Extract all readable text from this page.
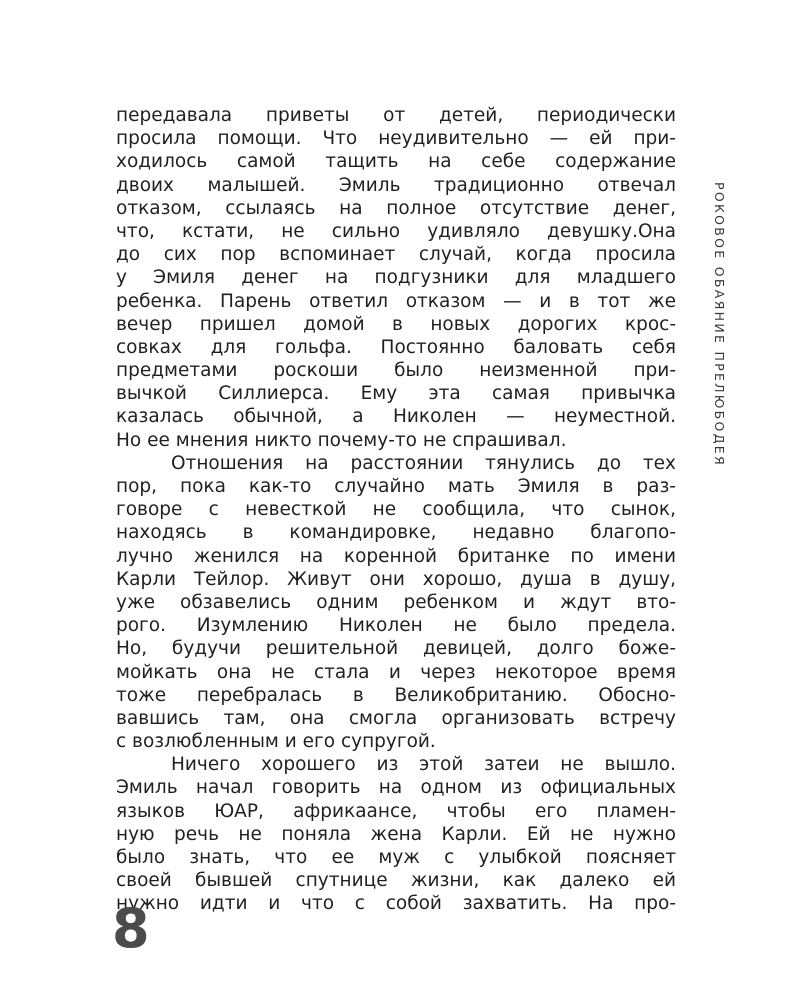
передавала приветы от детей, периодически
просила помощи. Что неудивительно — ей при-
ходилось самой тащить на себе содержание
двоих малышей. Эмиль традиционно отвечал
отказом, ссылаясь на полное отсутствие денег,
что, кстати, не сильно удивляло девушку.Она
до сих пор вспоминает случай, когда просила
у Эмиля денег на подгузники для младшего
ребенка. Парень ответил отказом — и в тот же
вечер пришел домой в новых дорогих крос-
совках для гольфа. Постоянно баловать себя
предметами роскоши было неизменной при-
вычкой Силлиерса. Ему эта самая привычка
казалась обычной, а Николен — неуместной.
Но ее мнения никто почему-то не спрашивал.
Отношения на расстоянии тянулись до тех
пор, пока как-то случайно мать Эмиля в раз-
говоре с невесткой не сообщила, что сынок,
находясь в командировке, недавно благопо-
лучно женился на коренной британке по имени
Карли Тейлор. Живут они хорошо, душа в душу,
уже обзавелись одним ребенком и ждут вто-
рого. Изумлению Николен не было предела.
Но, будучи решительной девицей, долго боже-
мойкать она не стала и через некоторое время
тоже перебралась в Великобританию. Обосно-
вавшись там, она смогла организовать встречу
с возлюбленным и его супругой.
Ничего хорошего из этой затеи не вышло.
Эмиль начал говорить на одном из официальных
языков ЮАР, африкаансе, чтобы его пламен-
ную речь не поняла жена Карли. Ей не нужно
было знать, что ее муж с улыбкой поясняет
своей бывшей спутнице жизни, как далеко ей
нужно идти и что с собой захватить. На про-
РОКОВОЕ ОБАЯНИЕ ПРЕЛЮБОДЕЯ
8
